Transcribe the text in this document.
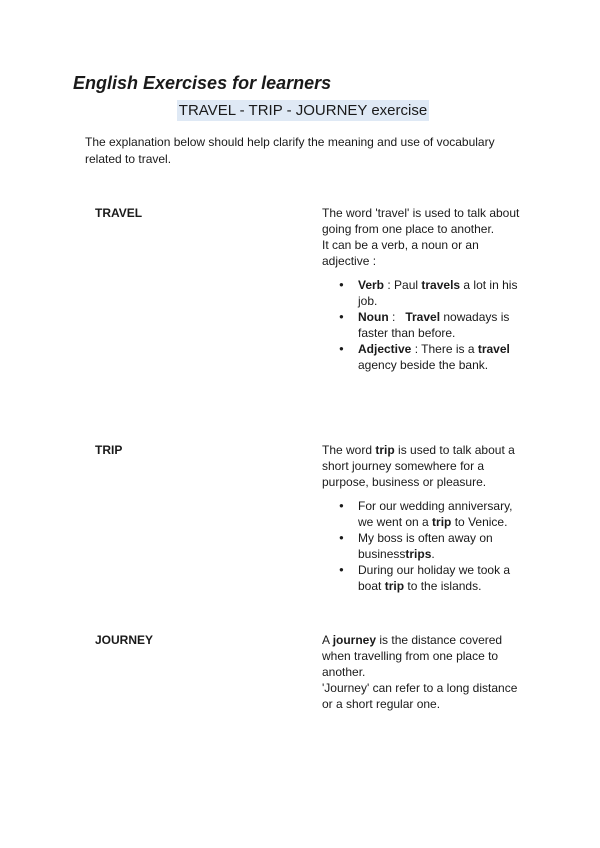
English Exercises for learners
TRAVEL - TRIP - JOURNEY exercise

The explanation below should help clarify the meaning and use of vocabulary related to travel.

TRAVEL	The word 'travel' is used to talk about going from one place to another.

It can be a verb, a noun or an adjective :

● Verb : Paul travels a lot in his job.
● Noun :   Travel nowadays is faster than before.
● Adjective : There is a travel agency beside the bank.
TRIP	The word trip is used to talk about a short journey somewhere for a purpose, business or pleasure.

● For our wedding anniversary, we went on a trip to Venice.
● My boss is often away on businesstrips.
● During our holiday we took a boat trip to the islands.
JOURNEY	A journey is the distance covered when travelling from one place to another.

'Journey' can refer to a long distance or a short regular one.
